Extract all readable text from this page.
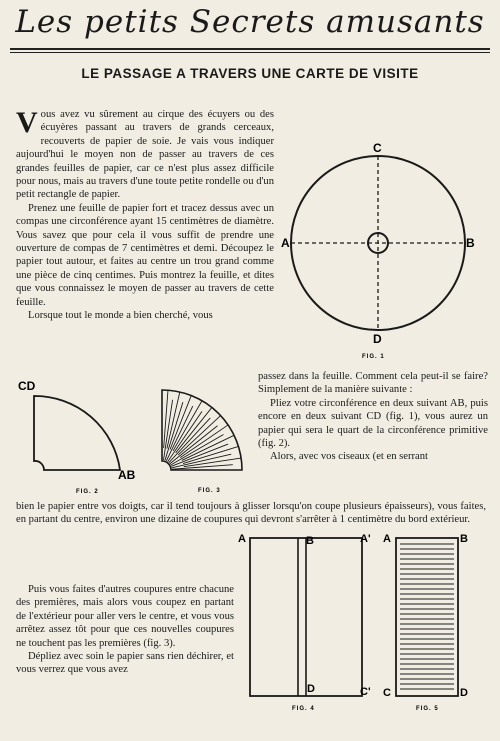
Les petits Secrets amusants
LE PASSAGE A TRAVERS UNE CARTE DE VISITE

Vous avez vu sûrement au cirque des écuyers ou des écuyères passant au travers de grands cerceaux, recouverts de papier de soie. Je vais vous indiquer aujourd'hui le moyen non de passer au travers de ces grandes feuilles de papier, car ce n'est plus assez difficile pour nous, mais au travers d'une toute petite rondelle ou d'un petit rectangle de papier.

Prenez une feuille de papier fort et tracez dessus avec un compas une circonférence ayant 15 centimètres de diamètre. Vous savez que pour cela il vous suffit de prendre une ouverture de compas de 7 centimètres et demi. Découpez le papier tout autour, et faites au centre un trou grand comme une pièce de cinq centimes. Puis montrez la feuille, et dites que vous connaissez le moyen de passer au travers de cette feuille.

Lorsque tout le monde a bien cherché, vous

C
A	B
D
FIG. 1
CD
AB
FIG. 2	FIG. 3

passez dans la feuille. Comment cela peut-il se faire? Simplement de la manière suivante :

Pliez votre circonférence en deux suivant AB, puis encore en deux suivant CD (fig. 1), vous aurez un papier qui sera le quart de la circonférence primitive (fig. 2).

Alors, avec vos ciseaux (et en serrant

bien le papier entre vos doigts, car il tend toujours à glisser lorsqu'on coupe plusieurs épaisseurs), vous faites, en partant du centre, environ une dizaine de coupures qui devront s'arrêter à 1 centimètre du bord extérieur.

Puis vous faites d'autres coupures entre chacune des premières, mais alors vous coupez en partant de l'extérieur pour aller vers le centre, et vous vous arrêtez assez tôt pour que ces nouvelles coupures ne touchent pas les premières (fig. 3).

Dépliez avec soin le papier sans rien déchirer, et vous verrez que vous avez

A	B	A'
D	C'
FIG. 4
A	B
C	D
FIG. 5
